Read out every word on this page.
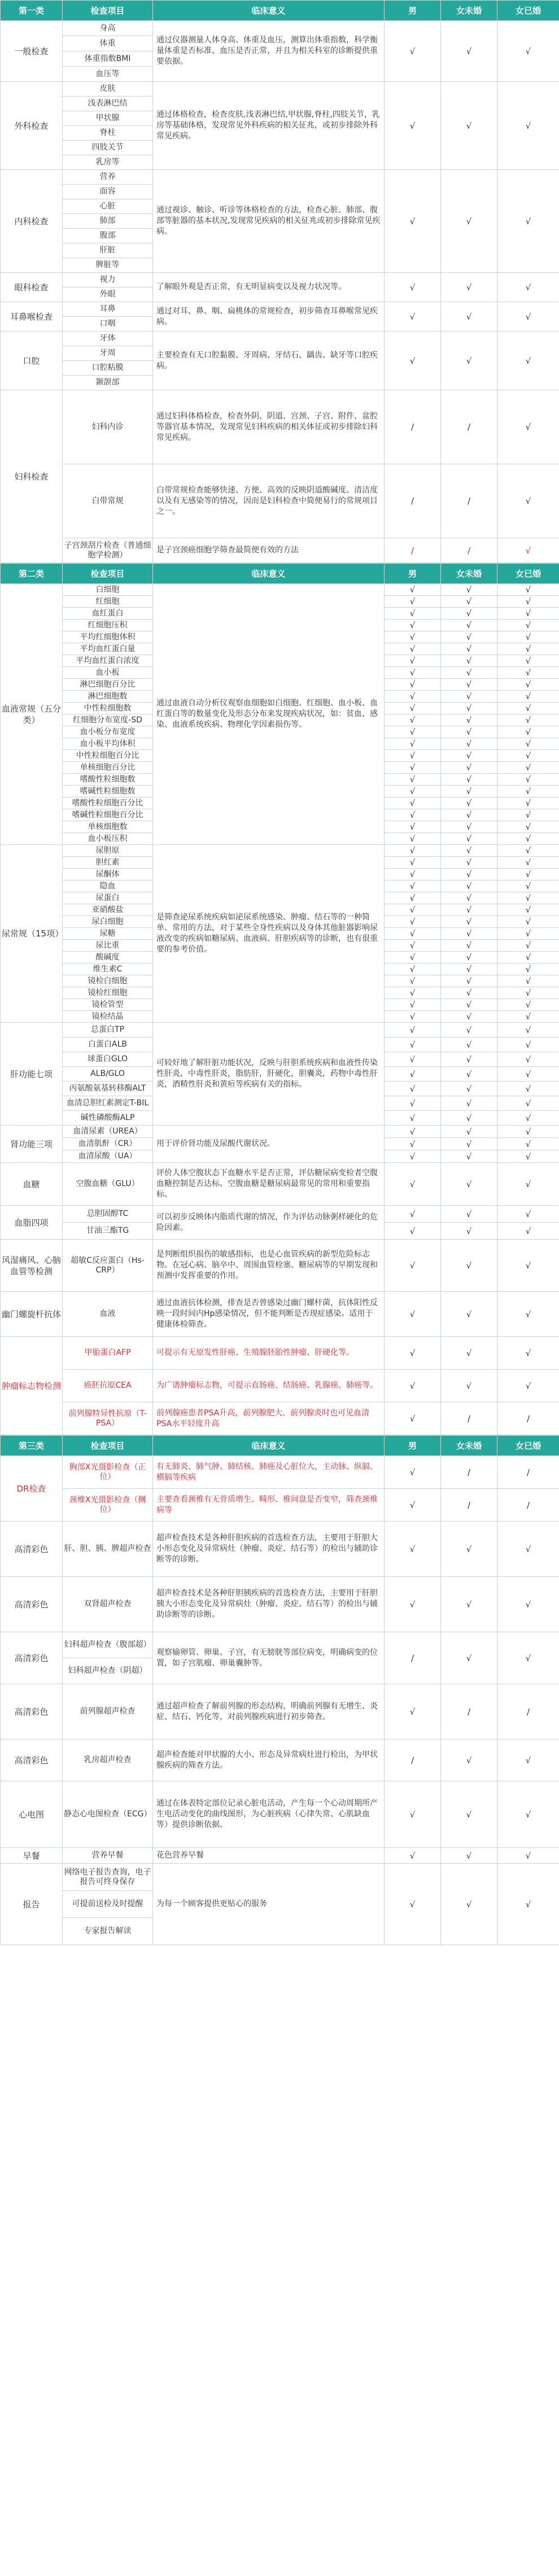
第一类	检查项目	临床意义	男	女未婚	女已婚
一般检查	身高	通过仪器测量人体身高、体重及血压，测算出体重指数，科学衡量体重是否标准、血压是否正常，并且为相关科室的诊断提供重要依据。	√	√	√
	体重				
	体重指数BMI				
	血压等				
外科检查	皮肤	通过体格检查，检查皮肤,浅表淋巴结,甲状腺,脊柱,四肢关节，乳房等基础体格，发现常见外科疾病的相关征兆，或初步排除外科常见疾病。	√	√	√
	浅表淋巴结				
	甲状腺				
	脊柱				
	四肢关节				
	乳房等				
内科检查	营养	通过视诊、触诊、听诊等体格检查的方法，检查心脏、肺部、腹部等脏器的基本状况,发现常见疾病的相关征兆或初步排除常见疾病。	√	√	√
	面容				
	心脏				
	肺部				
	腹部				
	肝脏				
	脾脏等				
眼科检查	视力	了解眼外观是否正常，有无明显病变以及视力状况等。	√	√	√
	外眼				
耳鼻喉检查	耳鼻	通过对耳、鼻、咽、扁桃体的常规检查，初步筛查耳鼻喉常见疾病。	√	√	√
	口咽				
口腔	牙体	主要检查有无口腔黏膜、牙周病、牙结石、龋齿、缺牙等口腔疾病。	√	√	√
	牙周				
	口腔粘膜				
	颞颌部				
妇科检查	妇科内诊	通过妇科体格检查，检查外阴、阴道、宫颈、子宫、附件、盆腔等器官基本情况，发现常见妇科疾病的相关体征或初步排除妇科常见疾病。	/	/	√
	白带常规	白带常规检查能够快速、方便、高效的反映阴道酸碱度、清洁度以及有无感染等的情况，因而是妇科检查中简便易行的常规项目之一。	/	/	√
	子宫颈刮片检查（普通细胞学检测）	是子宫颈癌细胞学筛查最简便有效的方法	/	/	√
第二类	检查项目	临床意义	男	女未婚	女已婚
血液常规（五分类）	白细胞	通过血液自动分析仪观察血细胞如白细胞、红细胞、血小板、血红蛋白等的数量变化及形态分布来发现疾病状况，如：贫血、感染、血液系统疾病、物理化学因素损伤等。	√	√	√
	红细胞		√	√	√
	血红蛋白		√	√	√
	红细胞压积		√	√	√
	平均红细胞体积		√	√	√
	平均血红蛋白量		√	√	√
	平均血红蛋白浓度		√	√	√
	血小板		√	√	√
	淋巴细胞百分比		√	√	√
	淋巴细胞数		√	√	√
	中性粒细胞数		√	√	√
	红细胞分布宽度-SD		√	√	√
	血小板分布宽度		√	√	√
	血小板平均体积		√	√	√
	中性粒细胞百分比		√	√	√
	单核细胞百分比		√	√	√
	嗜酸性粒细胞数		√	√	√
	嗜碱性粒细胞数		√	√	√
	嗜酸性粒细胞百分比		√	√	√
	嗜碱性粒细胞百分比		√	√	√
	单核细胞数		√	√	√
	血小板压积		√	√	√
尿常规（15项）	尿胆原	是筛查泌尿系统疾病如泌尿系统感染、肿瘤、结石等的一种简单、常用的方法，对于某些全身性疾病以及身体其他脏器影响尿液改变的疾病如糖尿病、血液病、肝胆疾病等的诊断，也有很重要的参考价值。	√	√	√
	胆红素		√	√	√
	尿酮体		√	√	√
	隐血		√	√	√
	尿蛋白		√	√	√
	亚硝酸盐		√	√	√
	尿白细胞		√	√	√
	尿糖		√	√	√
	尿比重		√	√	√
	酸碱度		√	√	√
	维生素C		√	√	√
	镜检白细胞		√	√	√
	镜检红细胞		√	√	√
	镜检管型		√	√	√
	镜检结晶		√	√	√
肝功能七项	总蛋白TP	可较好地了解肝脏功能状况，反映与肝胆系统疾病和血液性传染性肝炎，中毒性肝炎，脂肪肝，肝硬化，胆囊炎，药物中毒性肝炎，酒精性肝炎和黄疸等疾病有关的指标。	√	√	√
	白蛋白ALB		√	√	√
	球蛋白GLO		√	√	√
	ALB/GLO		√	√	√
	丙氨酸氨基转移酶ALT		√	√	√
	血清总胆红素测定T-BIL		√	√	√
	碱性磷酸酶ALP		√	√	√
肾功能三项	血清尿素（UREA）	用于评价肾功能及尿酸代谢状况。	√	√	√
	血清肌酐（CR）		√	√	√
	血清尿酸（UA）		√	√	√
血糖	空腹血糖（GLU）	评价人体空腹状态下血糖水平是否正常，评估糖尿病变检者空腹血糖控制是否达标。空腹血糖是糖尿病最常见的常用和重要指标。	√	√	√
血脂四项	总胆固醇TC	可以初步反映体内脂质代谢的情况，作为评估动脉粥样硬化的危险因素。	√	√	√
	甘油三酯TG		√	√	√
风湿痛风、心脑血管等检测	超敏C反应蛋白（Hs-CRP）	是判断组织损伤的敏感指标，也是心血管疾病的新型危险标志物。在冠心病、脑卒中、周围血管栓塞、糖尿病等的早期发现和预测中发挥重要的作用。	√	√	√
幽门螺旋杆抗体	血液	通过血液抗体检测，排查是否曾感染过幽门螺杆菌，抗体阳性反映一段时间内Hp感染情况，但不能判断是否现症感染。适用于健康体检筛查。	√	√	√
肿瘤标志物检测	甲胎蛋白AFP	可提示有无原发性肝癌、生殖腺胚胎性肿瘤、肝硬化等。	√	√	√
	癌胚抗原CEA	为广谱肿瘤标志物，可提示直肠癌、结肠癌、乳腺癌、肺癌等。	√	√	√
	前列腺特异性抗原（T-PSA）	前列腺癌患者PSA升高，前列腺肥大、前列腺炎时也可见血清PSA水平轻度升高	√	/	/
第三类	检查项目	临床意义	男	女未婚	女已婚
DR检查	胸部X光摄影检查（正位）	有无肺炎、肺气肿、肺结核、肺癌及心脏位大，主动脉、纵膈、横膈等疾病	√	/	/
	颈椎X光摄影检查（侧位）	主要查看颈椎有无骨质增生、畸形、椎间盘是否变窄，筛查颈椎病等	√	/	/
高清彩色	肝、胆、胰、脾超声检查	超声检查技术是各种肝胆疾病的首选检查方法，主要用于肝胆大小形态变化及异常病灶（肿瘤、炎症、结石等）的检出与辅助诊断等的诊断。	√	√	√
高清彩色	双肾超声检查	超声检查技术是各种肝胆胰疾病的首选检查方法，主要用于肝胆胰大小形态变化及异常病灶（肿瘤、炎症、结石等）的检出与辅助诊断等的诊断。	√	√	√
高清彩色	妇科超声检查（腹部超）	观察输卵管、卵巢、子宫，有无膀胱等部位病变，明确病变的位置，如子宫肌瘤、卵巢囊肿等。	/	√	√
	妇科超声检查（阴超）				
高清彩色	前列腺超声检查	通过超声检查了解前列腺的形态结构，明确前列腺有无增生、炎症、结石、钙化等，对前列腺疾病进行初步筛查。	√	/	/
高清彩色	乳房超声检查	超声检查能对甲状腺的大小、形态及异常病灶进行检出，为甲状腺疾病的筛查方法。	/	√	√
心电图	静态心电图检查（ECG）	通过在体表特定部位记录心脏电活动，产生每一个心动周期所产生电活动变化的曲线图形，为心脏疾病（心律失常、心肌缺血等）提供诊断依据。	√	√	√
早餐	营养早餐	花色营养早餐	√	√	√
报告	网络电子报告查询，电子报告可终身保存	为每一个顾客提供更贴心的服务	√	√	√
	可提前送检及时提醒				
	专家报告解读				
